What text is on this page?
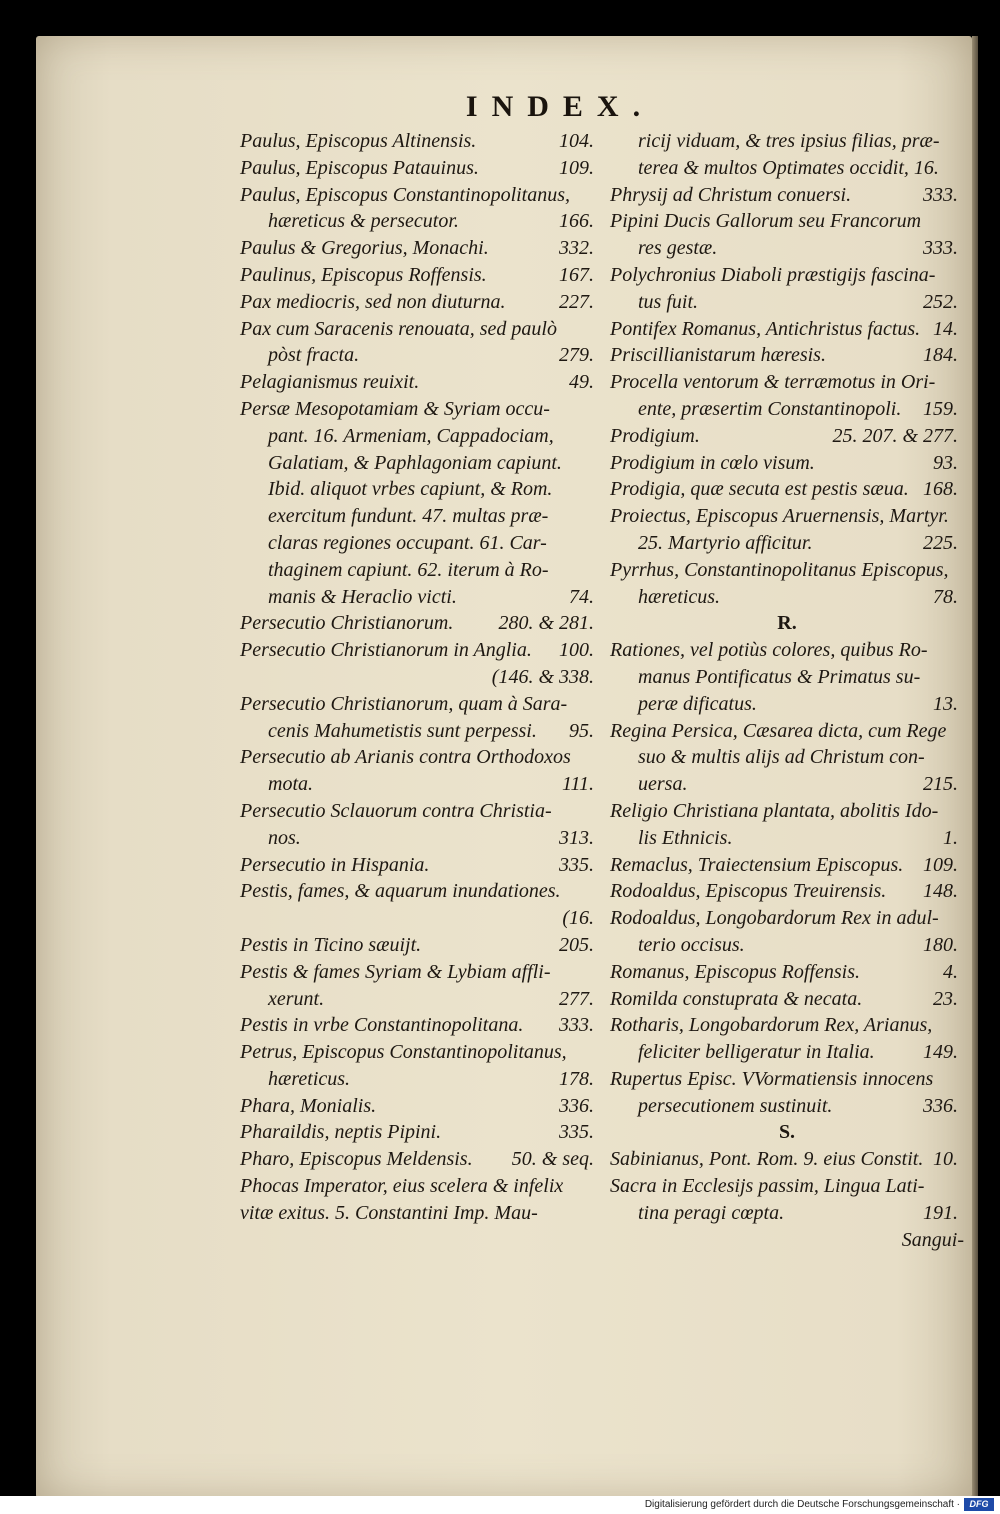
INDEX.
Paulus, Episcopus Altinensis.	104.
Paulus, Episcopus Patauinus.	109.
Paulus, Episcopus Constantinopolitanus,
hæreticus & persecutor.	166.
Paulus & Gregorius, Monachi.	332.
Paulinus, Episcopus Roffensis.	167.
Pax mediocris, sed non diuturna.	227.
Pax cum Saracenis renouata, sed paulò
pòst fracta.	279.
Pelagianismus reuixit.	49.
Persæ Mesopotamiam & Syriam occu-
pant. 16. Armeniam, Cappadociam,
Galatiam, & Paphlagoniam capiunt.
Ibid. aliquot vrbes capiunt, & Rom.
exercitum fundunt. 47. multas præ-
claras regiones occupant. 61. Car-
thaginem capiunt. 62. iterum à Ro-
manis & Heraclio victi.	74.
Persecutio Christianorum. 280. & 281.
Persecutio Christianorum in Anglia. 100.
(146. & 338.
Persecutio Christianorum, quam à Sara-
cenis Mahumetistis sunt perpessi. 95.
Persecutio ab Arianis contra Orthodoxos
mota.	111.
Persecutio Sclauorum contra Christia-
nos.	313.
Persecutio in Hispania.	335.
Pestis, fames, & aquarum inundationes.
(16.
Pestis in Ticino sæuijt.	205.
Pestis & fames Syriam & Lybiam affli-
xerunt.	277.
Pestis in vrbe Constantinopolitana. 333.
Petrus, Episcopus Constantinopolitanus,
hæreticus.	178.
Phara, Monialis.	336.
Pharaildis, neptis Pipini.	335.
Pharo, Episcopus Meldensis. 50. & seq.
Phocas Imperator, eius scelera & infelix
vitæ exitus. 5. Constantini Imp. Mau-
ricij viduam, & tres ipsius filias, præ-
terea & multos Optimates occidit, 16.
Phrysij ad Christum conuersi.	333.
Pipini Ducis Gallorum seu Francorum
res gestæ.	333.
Polychronius Diaboli præstigijs fascina-
tus fuit.	252.
Pontifex Romanus, Antichristus factus. 14.
Priscillianistarum hæresis.	184.
Procella ventorum & terræmotus in Ori-
ente, præsertim Constantinopoli. 159.
Prodigium.	25. 207. & 277.
Prodigium in cœlo visum.	93.
Prodigia, quæ secuta est pestis sæua. 168.
Proiectus, Episcopus Aruernensis, Martyr.
25. Martyrio afficitur.	225.
Pyrrhus, Constantinopolitanus Episcopus,
hæreticus.	78.
R.
Rationes, vel potiùs colores, quibus Ro-
manus Pontificatus & Primatus su-
peræ dificatus.	13.
Regina Persica, Cæsarea dicta, cum Rege
suo & multis alijs ad Christum con-
uersa.	215.
Religio Christiana plantata, abolitis Ido-
lis Ethnicis.	1.
Remaclus, Traiectensium Episcopus. 109.
Rodoaldus, Episcopus Treuirensis. 148.
Rodoaldus, Longobardorum Rex in adul-
terio occisus.	180.
Romanus, Episcopus Roffensis.	4.
Romilda constuprata & necata.	23.
Rotharis, Longobardorum Rex, Arianus,
feliciter belligeratur in Italia. 149.
Rupertus Episc. VVormatiensis innocens
persecutionem sustinuit.	336.
S.
Sabinianus, Pont. Rom. 9. eius Constit. 10.
Sacra in Ecclesijs passim, Lingua Lati-
tina peragi cœpta.	191.
Sangui-
Digitalisierung gefördert durch die Deutsche Forschungsgemeinschaft ·	DFG
